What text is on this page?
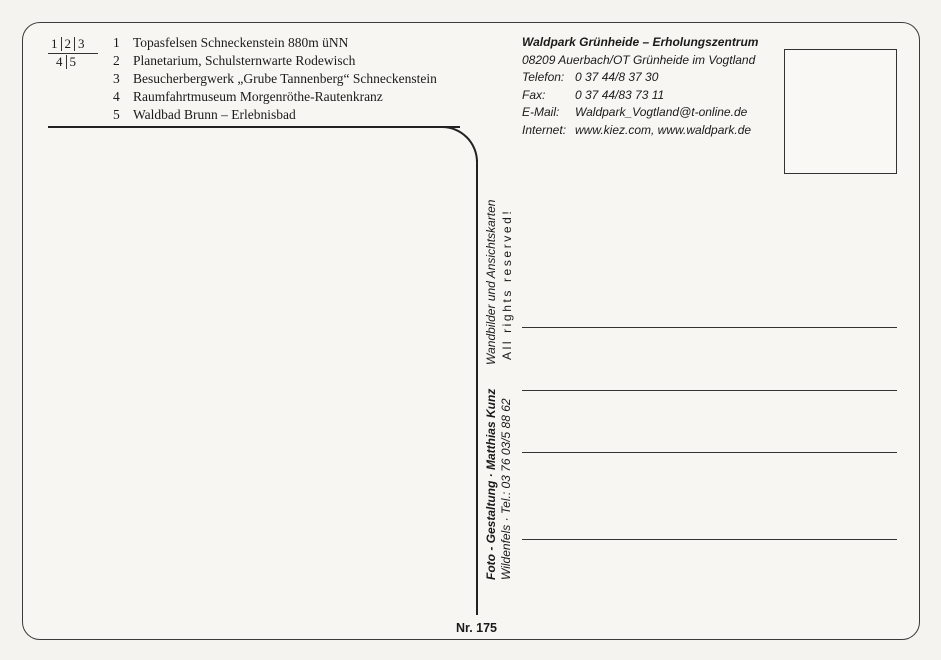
1 2 3
4 5
1 Topasfelsen Schneckenstein 880m üNN
2 Planetarium, Schulsternwarte Rodewisch
3 Besucherbergwerk „Grube Tannenberg“ Schneckenstein
4 Raumfahrtmuseum Morgenröthe-Rautenkranz
5 Waldbad Brunn – Erlebnisbad
Foto - Gestaltung · Matthias Kunz Wildenfels · Tel.: 03 76 03/5 88 62
Wandbilder und Ansichtskarten All rights reserved!
Nr. 175
Waldpark Grünheide – Erholungszentrum
08209 Auerbach/OT Grünheide im Vogtland
Telefon: 0 37 44/8 37 30
Fax:	0 37 44/83 73 11
E-Mail:	Waldpark_Vogtland@t-online.de
Internet: www.kiez.com, www.waldpark.de
